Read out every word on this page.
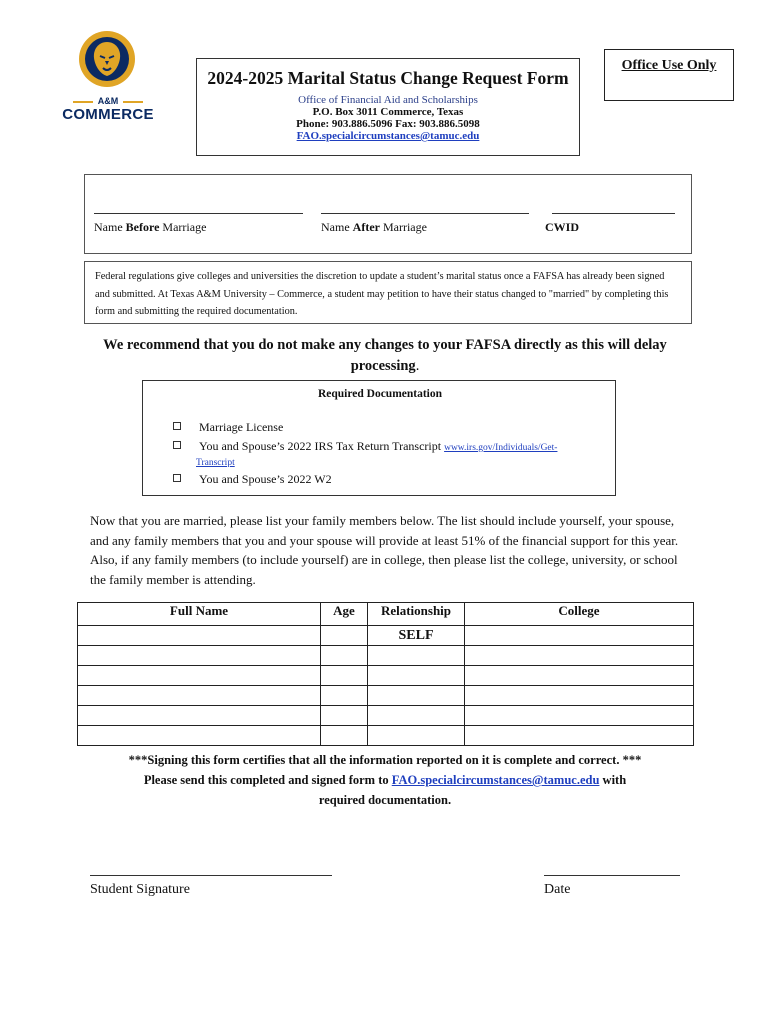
A&M
COMMERCE
2024-2025 Marital Status Change Request Form
Office of Financial Aid and Scholarships
P.O. Box 3011 Commerce, Texas
Phone: 903.886.5096 Fax: 903.886.5098
FAO.specialcircumstances@tamuc.edu
Office Use Only
Name Before Marriage	Name After Marriage	CWID
Federal regulations give colleges and universities the discretion to update a student’s marital status once a FAFSA has already been signed and submitted. At Texas A&M University – Commerce, a student may petition to have their status changed to "married" by completing this form and submitting the required documentation.
We recommend that you do not make any changes to your FAFSA directly as this will delay processing.
Required Documentation
Marriage License
You and Spouse’s 2022 IRS Tax Return Transcript www.irs.gov/Individuals/Get-
Transcript
You and Spouse’s 2022 W2
Now that you are married, please list your family members below. The list should include yourself, your spouse, and any family members that you and your spouse will provide at least 51% of the financial support for this year. Also, if any family members (to include yourself) are in college, then please list the college, university, or school the family member is attending.
Full Name	Age	Relationship	College
		SELF	

***Signing this form certifies that all the information reported on it is complete and correct. ***
Please send this completed and signed form to FAO.specialcircumstances@tamuc.edu with
required documentation.
Student Signature	Date
